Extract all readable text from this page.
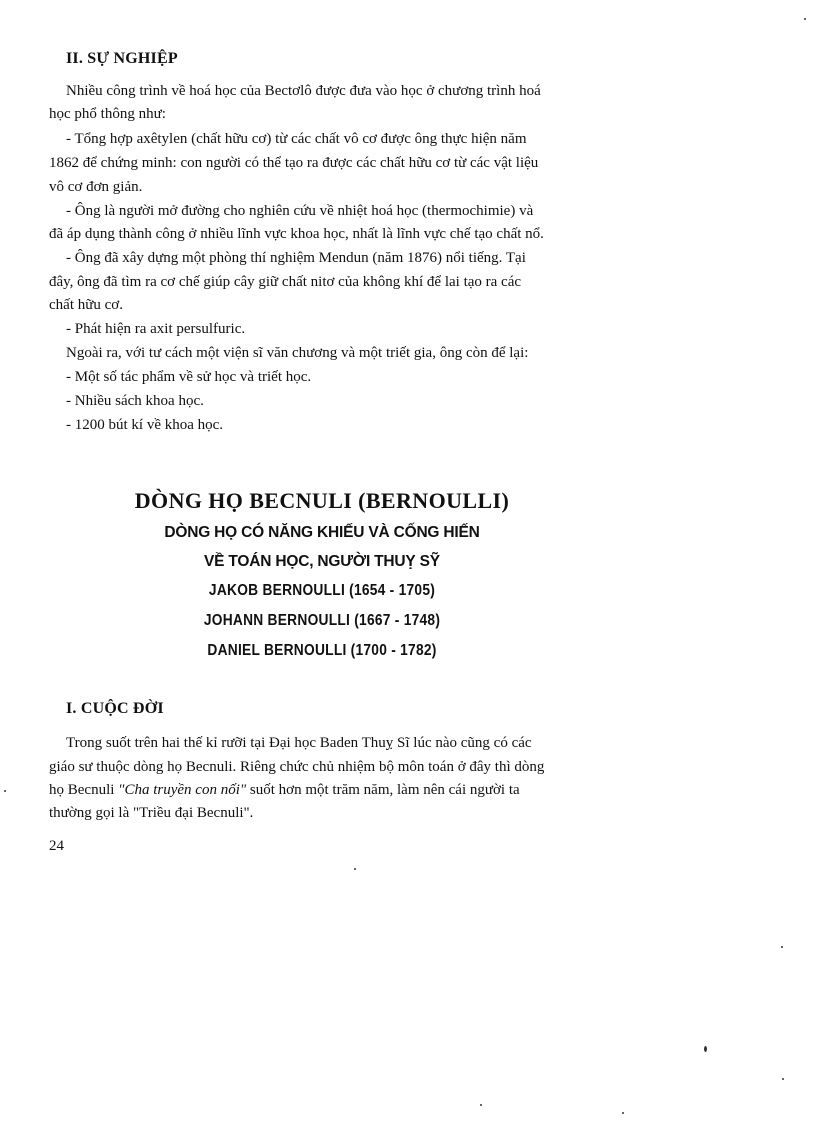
II. SỰ NGHIỆP
Nhiều công trình về hoá học của Bectơlô được đưa vào học ở chương trình hoá
học phổ thông như:
- Tổng hợp axêtylen (chất hữu cơ) từ các chất vô cơ được ông thực hiện năm
1862 để chứng minh: con người có thể tạo ra được các chất hữu cơ từ các vật liệu
vô cơ đơn giản.
- Ông là người mở đường cho nghiên cứu về nhiệt hoá học (thermochimie) và
đã áp dụng thành công ở nhiều lĩnh vực khoa học, nhất là lĩnh vực chế tạo chất nổ.
- Ông đã xây dựng một phòng thí nghiệm Mendun (năm 1876) nổi tiếng. Tại
đây, ông đã tìm ra cơ chế giúp cây giữ chất nitơ của không khí để lai tạo ra các
chất hữu cơ.
- Phát hiện ra axit persulfuric.
Ngoài ra, với tư cách một viện sĩ văn chương và một triết gia, ông còn để lại:
- Một số tác phẩm về sử học và triết học.
- Nhiều sách khoa học.
- 1200 bút kí về khoa học.
DÒNG HỌ BECNULI (BERNOULLI)
DÒNG HỌ CÓ NĂNG KHIẾU VÀ CỐNG HIẾN
VỀ TOÁN HỌC, NGƯỜI THUỴ SỸ
JAKOB BERNOULLI (1654 - 1705)
JOHANN BERNOULLI (1667 - 1748)
DANIEL BERNOULLI (1700 - 1782)
I. CUỘC ĐỜI
Trong suốt trên hai thế kỉ rưỡi tại Đại học Baden Thuỵ Sĩ lúc nào cũng có các
giáo sư thuộc dòng họ Becnuli. Riêng chức chủ nhiệm bộ môn toán ở đây thì dòng
họ Becnuli "Cha truyền con nối" suốt hơn một trăm năm, làm nên cái người ta
thường gọi là "Triều đại Becnuli".
24
